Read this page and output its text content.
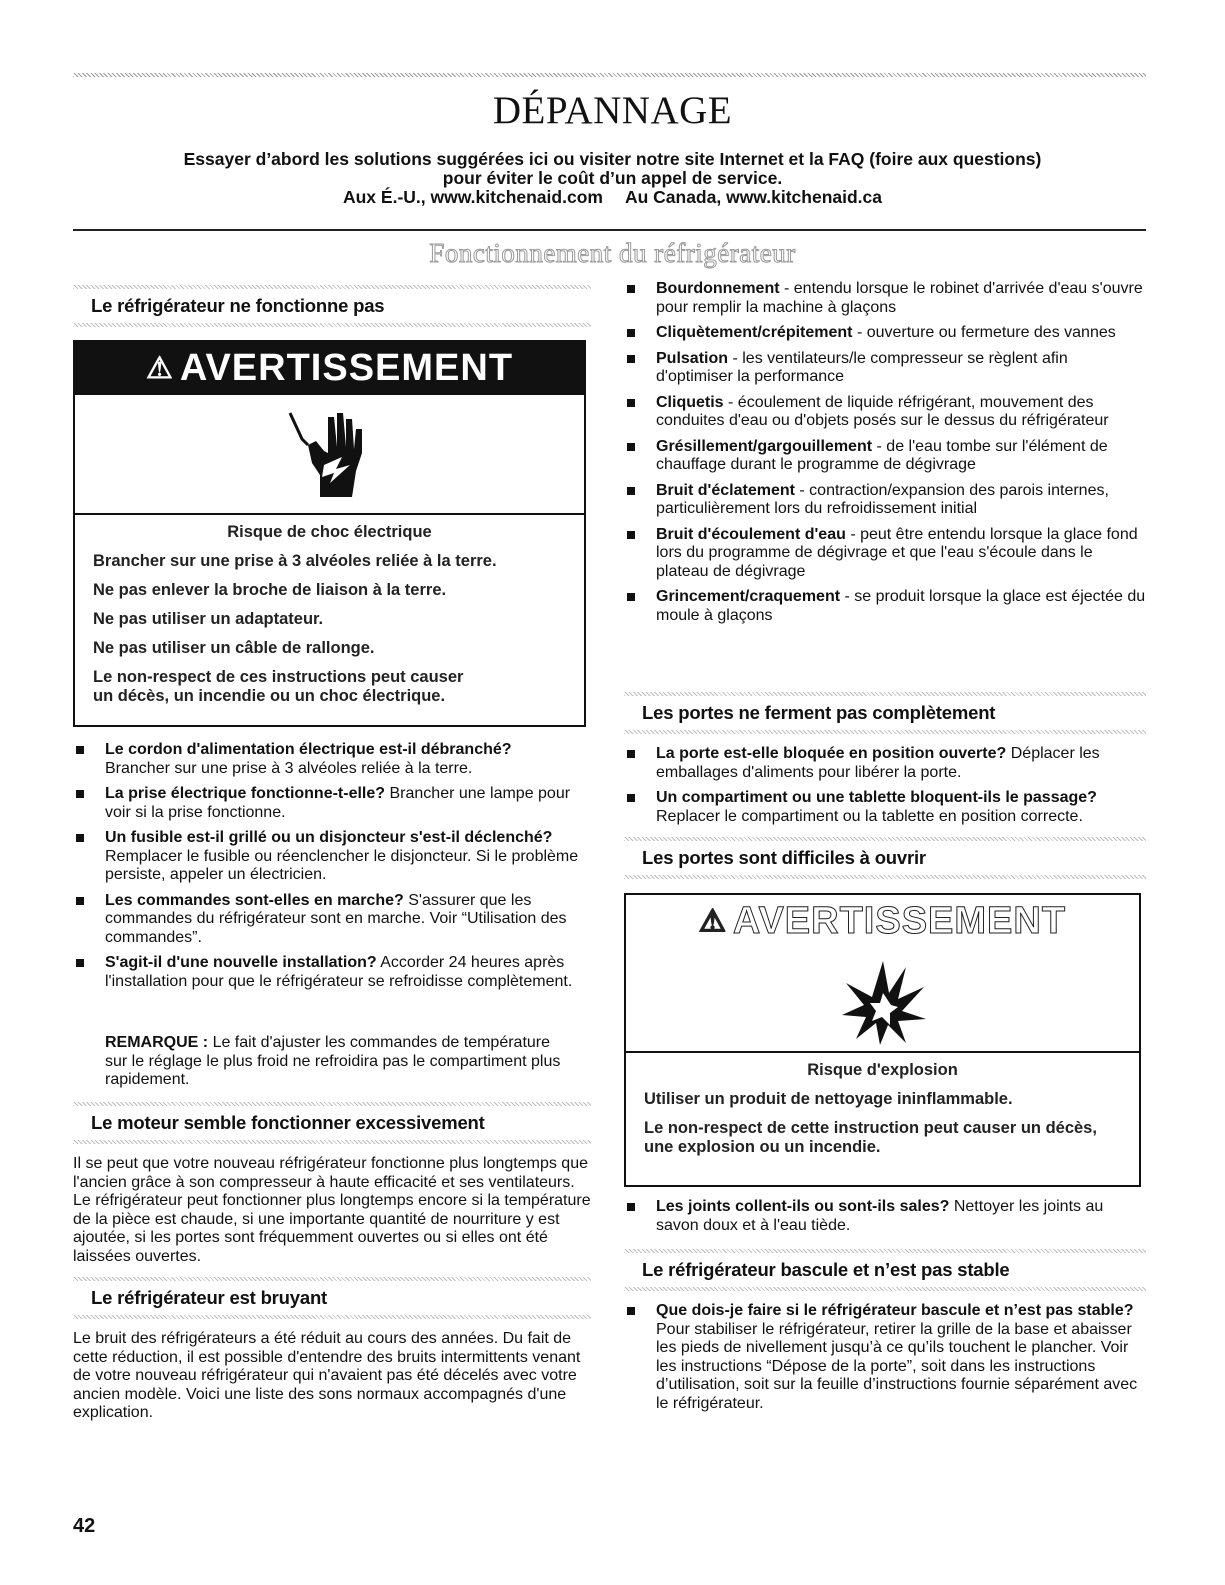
DÉPANNAGE
Essayer d’abord les solutions suggérées ici ou visiter notre site Internet et la FAQ (foire aux questions)
pour éviter le coût d’un appel de service.
Aux É.-U., www.kitchenaid.com Au Canada, www.kitchenaid.ca
Fonctionnement du réfrigérateur
Le réfrigérateur ne fonctionne pas
⚠ AVERTISSEMENT

Risque de choc électrique

Brancher sur une prise à 3 alvéoles reliée à la terre.

Ne pas enlever la broche de liaison à la terre.

Ne pas utiliser un adaptateur.

Ne pas utiliser un câble de rallonge.

Le non-respect de ces instructions peut causer
un décès, un incendie ou un choc électrique.

Le cordon d'alimentation électrique est-il débranché?
Brancher sur une prise à 3 alvéoles reliée à la terre.
La prise électrique fonctionne-t-elle? Brancher une lampe pour voir si la prise fonctionne.
Un fusible est-il grillé ou un disjoncteur s'est-il déclenché? Remplacer le fusible ou réenclencher le disjoncteur. Si le problème persiste, appeler un électricien.
Les commandes sont-elles en marche? S'assurer que les commandes du réfrigérateur sont en marche. Voir “Utilisation des commandes”.
S'agit-il d'une nouvelle installation? Accorder 24 heures après l'installation pour que le réfrigérateur se refroidisse complètement.
REMARQUE : Le fait d'ajuster les commandes de température sur le réglage le plus froid ne refroidira pas le compartiment plus rapidement.
Le moteur semble fonctionner excessivement
Il se peut que votre nouveau réfrigérateur fonctionne plus longtemps que l'ancien grâce à son compresseur à haute efficacité et ses ventilateurs. Le réfrigérateur peut fonctionner plus longtemps encore si la température de la pièce est chaude, si une importante quantité de nourriture y est ajoutée, si les portes sont fréquemment ouvertes ou si elles ont été laissées ouvertes.
Le réfrigérateur est bruyant
Le bruit des réfrigérateurs a été réduit au cours des années. Du fait de cette réduction, il est possible d'entendre des bruits intermittents venant de votre nouveau réfrigérateur qui n'avaient pas été décelés avec votre ancien modèle. Voici une liste des sons normaux accompagnés d'une explication.
Bourdonnement - entendu lorsque le robinet d'arrivée d'eau s'ouvre pour remplir la machine à glaçons
Cliquètement/crépitement - ouverture ou fermeture des vannes
Pulsation - les ventilateurs/le compresseur se règlent afin d'optimiser la performance
Cliquetis - écoulement de liquide réfrigérant, mouvement des conduites d'eau ou d'objets posés sur le dessus du réfrigérateur
Grésillement/gargouillement - de l'eau tombe sur l'élément de chauffage durant le programme de dégivrage
Bruit d'éclatement - contraction/expansion des parois internes, particulièrement lors du refroidissement initial
Bruit d'écoulement d'eau - peut être entendu lorsque la glace fond lors du programme de dégivrage et que l'eau s'écoule dans le plateau de dégivrage
Grincement/craquement - se produit lorsque la glace est éjectée du moule à glaçons
Les portes ne ferment pas complètement
La porte est-elle bloquée en position ouverte? Déplacer les emballages d'aliments pour libérer la porte.
Un compartiment ou une tablette bloquent-ils le passage? Replacer le compartiment ou la tablette en position correcte.
Les portes sont difficiles à ouvrir
⚠ AVERTISSEMENT

Risque d'explosion

Utiliser un produit de nettoyage ininflammable.

Le non-respect de cette instruction peut causer un décès,
une explosion ou un incendie.

Les joints collent-ils ou sont-ils sales? Nettoyer les joints au savon doux et à l'eau tiède.
Le réfrigérateur bascule et n’est pas stable
Que dois-je faire si le réfrigérateur bascule et n’est pas stable? Pour stabiliser le réfrigérateur, retirer la grille de la base et abaisser les pieds de nivellement jusqu’à ce qu’ils touchent le plancher. Voir les instructions “Dépose de la porte”, soit dans les instructions d’utilisation, soit sur la feuille d’instructions fournie séparément avec le réfrigérateur.
42
